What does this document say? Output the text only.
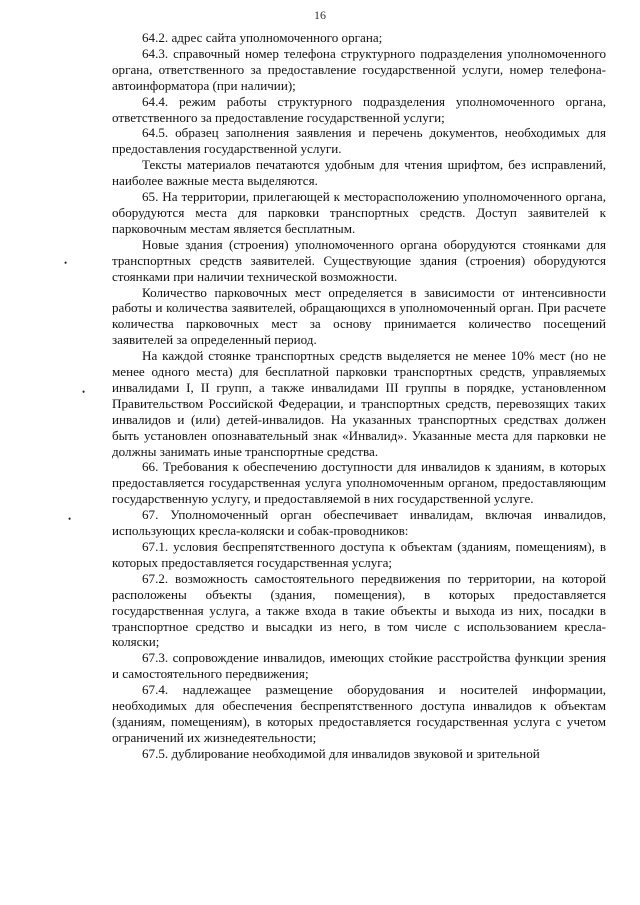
16
•
•
•

64.2. адрес сайта уполномоченного органа;

64.3. справочный номер телефона структурного подразделения уполномоченного органа, ответственного за предоставление государственной услуги, номер телефона-автоинформатора (при наличии);

64.4. режим работы структурного подразделения уполномоченного органа, ответственного за предоставление государственной услуги;

64.5. образец заполнения заявления и перечень документов, необходимых для предоставления государственной услуги.

Тексты материалов печатаются удобным для чтения шрифтом, без исправлений, наиболее важные места выделяются.

65. На территории, прилегающей к месторасположению уполномоченного органа, оборудуются места для парковки транспортных средств. Доступ заявителей к парковочным местам является бесплатным.

Новые здания (строения) уполномоченного органа оборудуются стоянками для транспортных средств заявителей. Существующие здания (строения) оборудуются стоянками при наличии технической возможности.

Количество парковочных мест определяется в зависимости от интенсивности работы и количества заявителей, обращающихся в уполномоченный орган. При расчете количества парковочных мест за основу принимается количество посещений заявителей за определенный период.

На каждой стоянке транспортных средств выделяется не менее 10% мест (но не менее одного места) для бесплатной парковки транспортных средств, управляемых инвалидами I, II групп, а также инвалидами III группы в порядке, установленном Правительством Российской Федерации, и транспортных средств, перевозящих таких инвалидов и (или) детей-инвалидов. На указанных транспортных средствах должен быть установлен опознавательный знак «Инвалид». Указанные места для парковки не должны занимать иные транспортные средства.

66. Требования к обеспечению доступности для инвалидов к зданиям, в которых предоставляется государственная услуга уполномоченным органом, предоставляющим государственную услугу, и предоставляемой в них государственной услуге.

67. Уполномоченный орган обеспечивает инвалидам, включая инвалидов, использующих кресла-коляски и собак-проводников:

67.1. условия беспрепятственного доступа к объектам (зданиям, помещениям), в которых предоставляется государственная услуга;

67.2. возможность самостоятельного передвижения по территории, на которой расположены объекты (здания, помещения), в которых предоставляется государственная услуга, а также входа в такие объекты и выхода из них, посадки в транспортное средство и высадки из него, в том числе с использованием кресла-коляски;

67.3. сопровождение инвалидов, имеющих стойкие расстройства функции зрения и самостоятельного передвижения;

67.4. надлежащее размещение оборудования и носителей информации, необходимых для обеспечения беспрепятственного доступа инвалидов к объектам (зданиям, помещениям), в которых предоставляется государственная услуга с учетом ограничений их жизнедеятельности;

67.5. дублирование необходимой для инвалидов звуковой и зрительной
